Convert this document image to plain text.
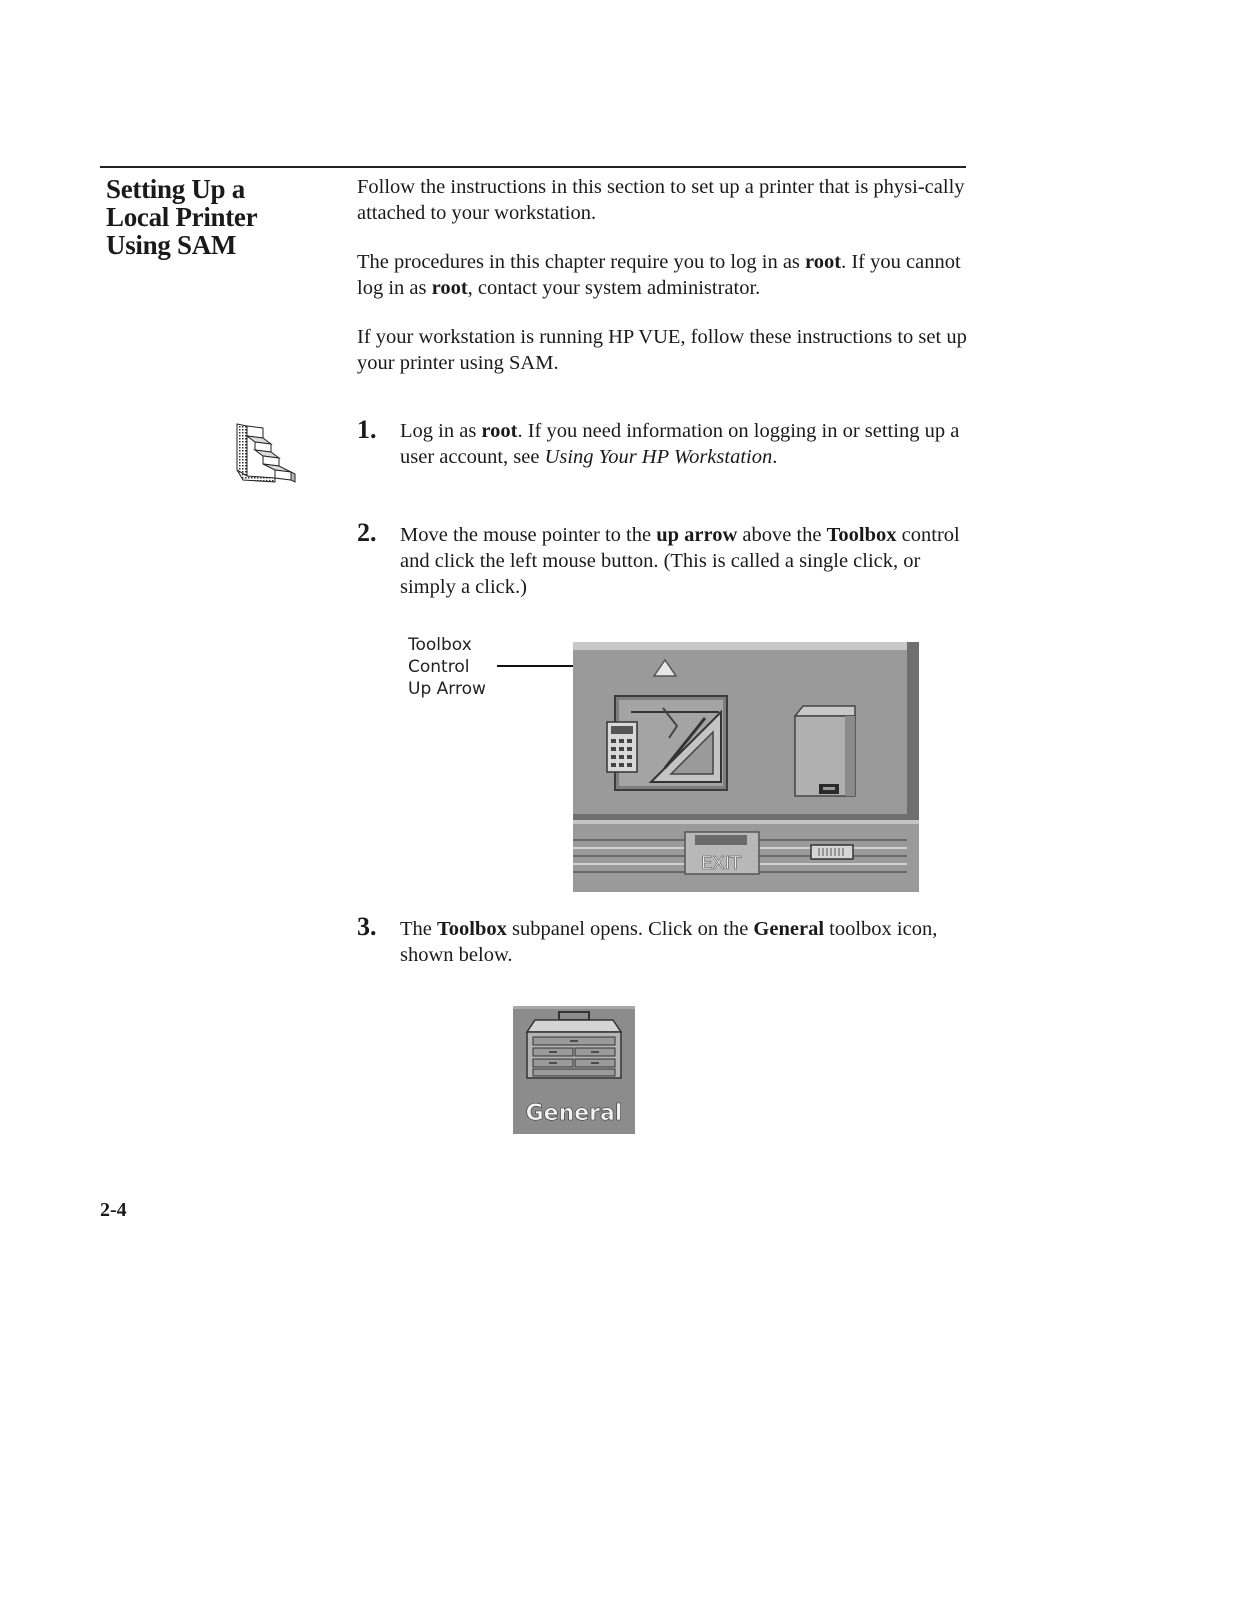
Setting Up a
Local Printer
Using SAM

Follow the instructions in this section to set up a printer that is physi-cally attached to your workstation.

The procedures in this chapter require you to log in as root. If you cannot log in as root, contact your system administrator.

If your workstation is running HP VUE, follow these instructions to set up your printer using SAM.

1. Log in as root. If you need information on logging in or setting up a user account, see Using Your HP Workstation.

2. Move the mouse pointer to the up arrow above the Toolbox control and click the left mouse button. (This is called a single click, or simply a click.)

Toolbox
Control
Up Arrow
EXIT
3. The Toolbox subpanel opens. Click on the General toolbox icon, shown below.

General
2-4
